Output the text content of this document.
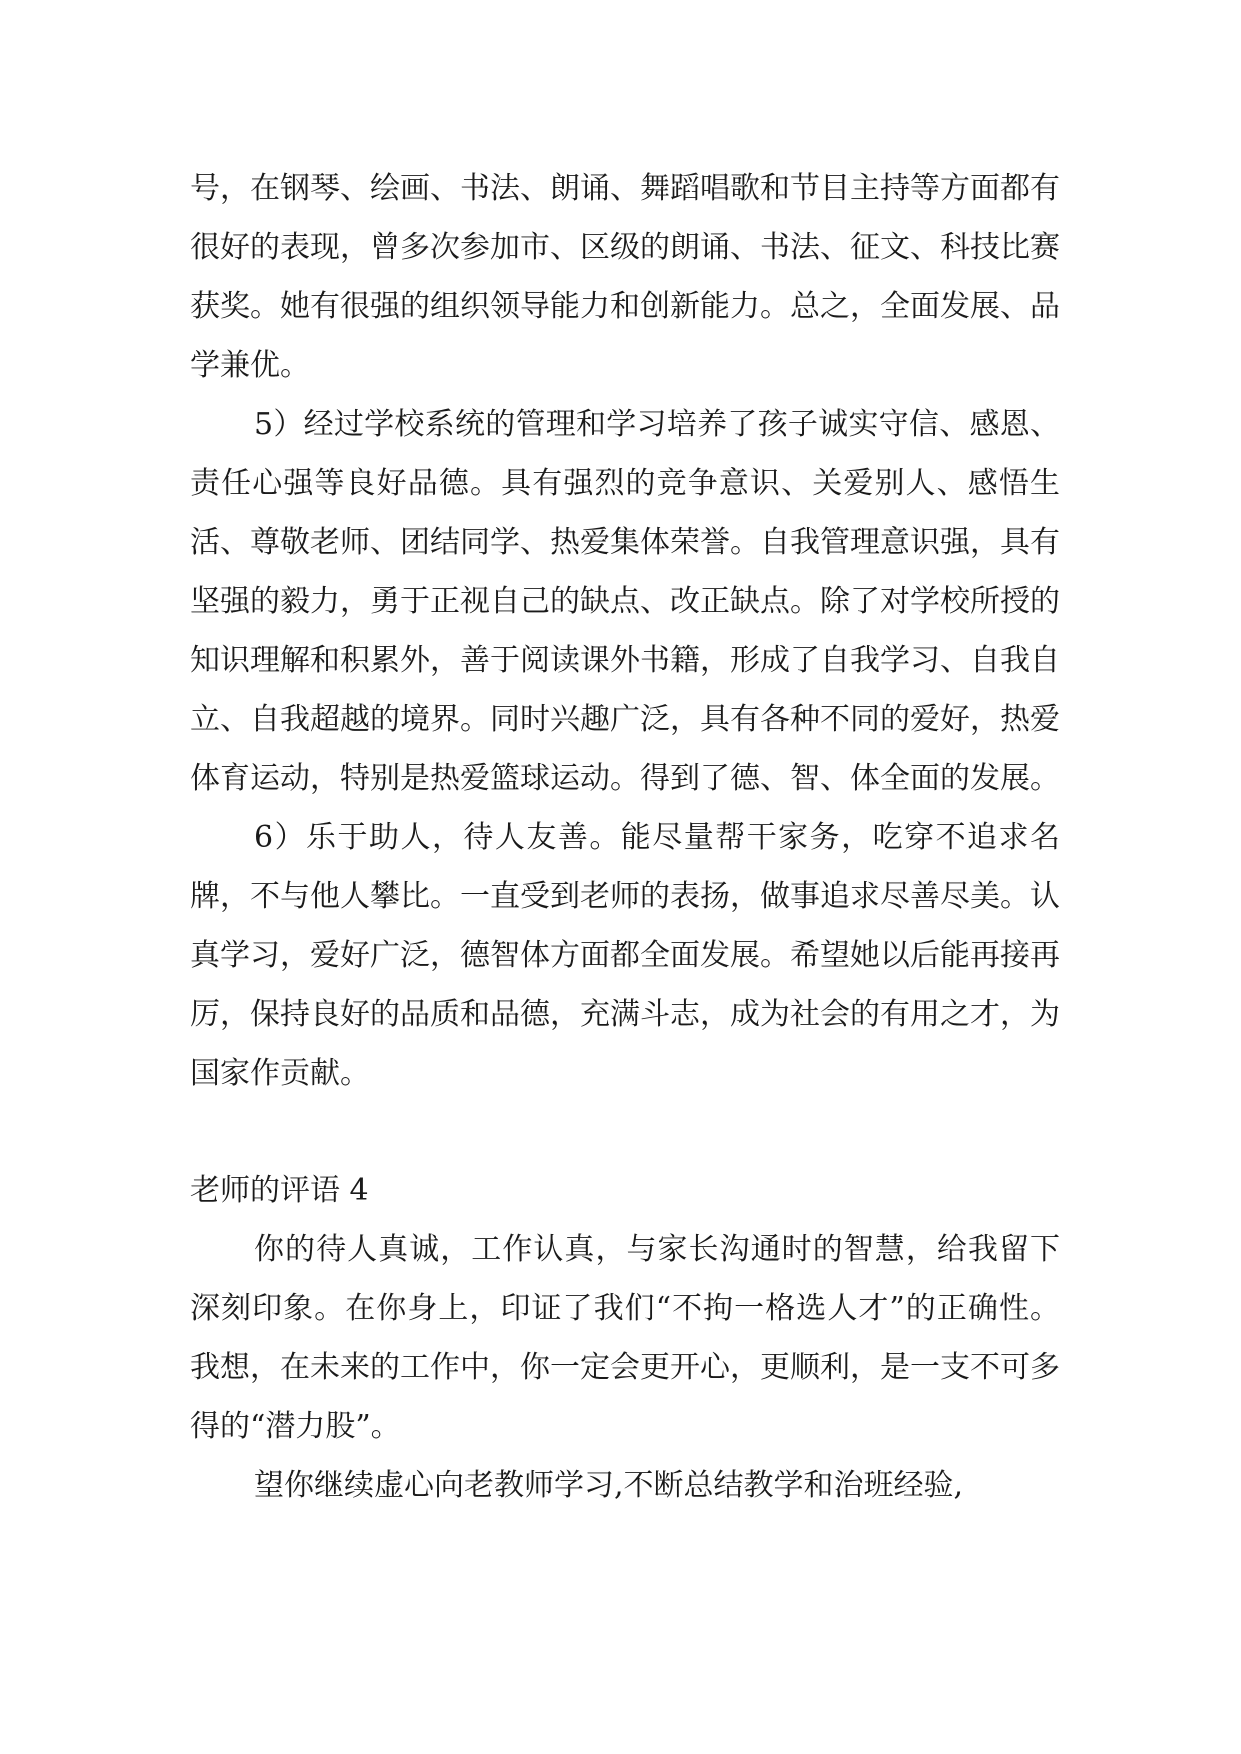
号，在钢琴、绘画、书法、朗诵、舞蹈唱歌和节目主持等方面都有很好的表现，曾多次参加市、区级的朗诵、书法、征文、科技比赛获奖。她有很强的组织领导能力和创新能力。总之，全面发展、品学兼优。

5）经过学校系统的管理和学习培养了孩子诚实守信、感恩、责任心强等良好品德。具有强烈的竞争意识、关爱别人、感悟生活、尊敬老师、团结同学、热爱集体荣誉。自我管理意识强，具有坚强的毅力，勇于正视自己的缺点、改正缺点。除了对学校所授的知识理解和积累外，善于阅读课外书籍，形成了自我学习、自我自立、自我超越的境界。同时兴趣广泛，具有各种不同的爱好，热爱体育运动，特别是热爱篮球运动。得到了德、智、体全面的发展。

6）乐于助人，待人友善。能尽量帮干家务，吃穿不追求名牌，不与他人攀比。一直受到老师的表扬，做事追求尽善尽美。认真学习，爱好广泛，德智体方面都全面发展。希望她以后能再接再厉，保持良好的品质和品德，充满斗志，成为社会的有用之才，为国家作贡献。

老师的评语 4

你的待人真诚，工作认真，与家长沟通时的智慧，给我留下深刻印象。在你身上，印证了我们“不拘一格选人才”的正确性。我想，在未来的工作中，你一定会更开心，更顺利，是一支不可多得的“潜力股”。

望你继续虚心向老教师学习,不断总结教学和治班经验,
